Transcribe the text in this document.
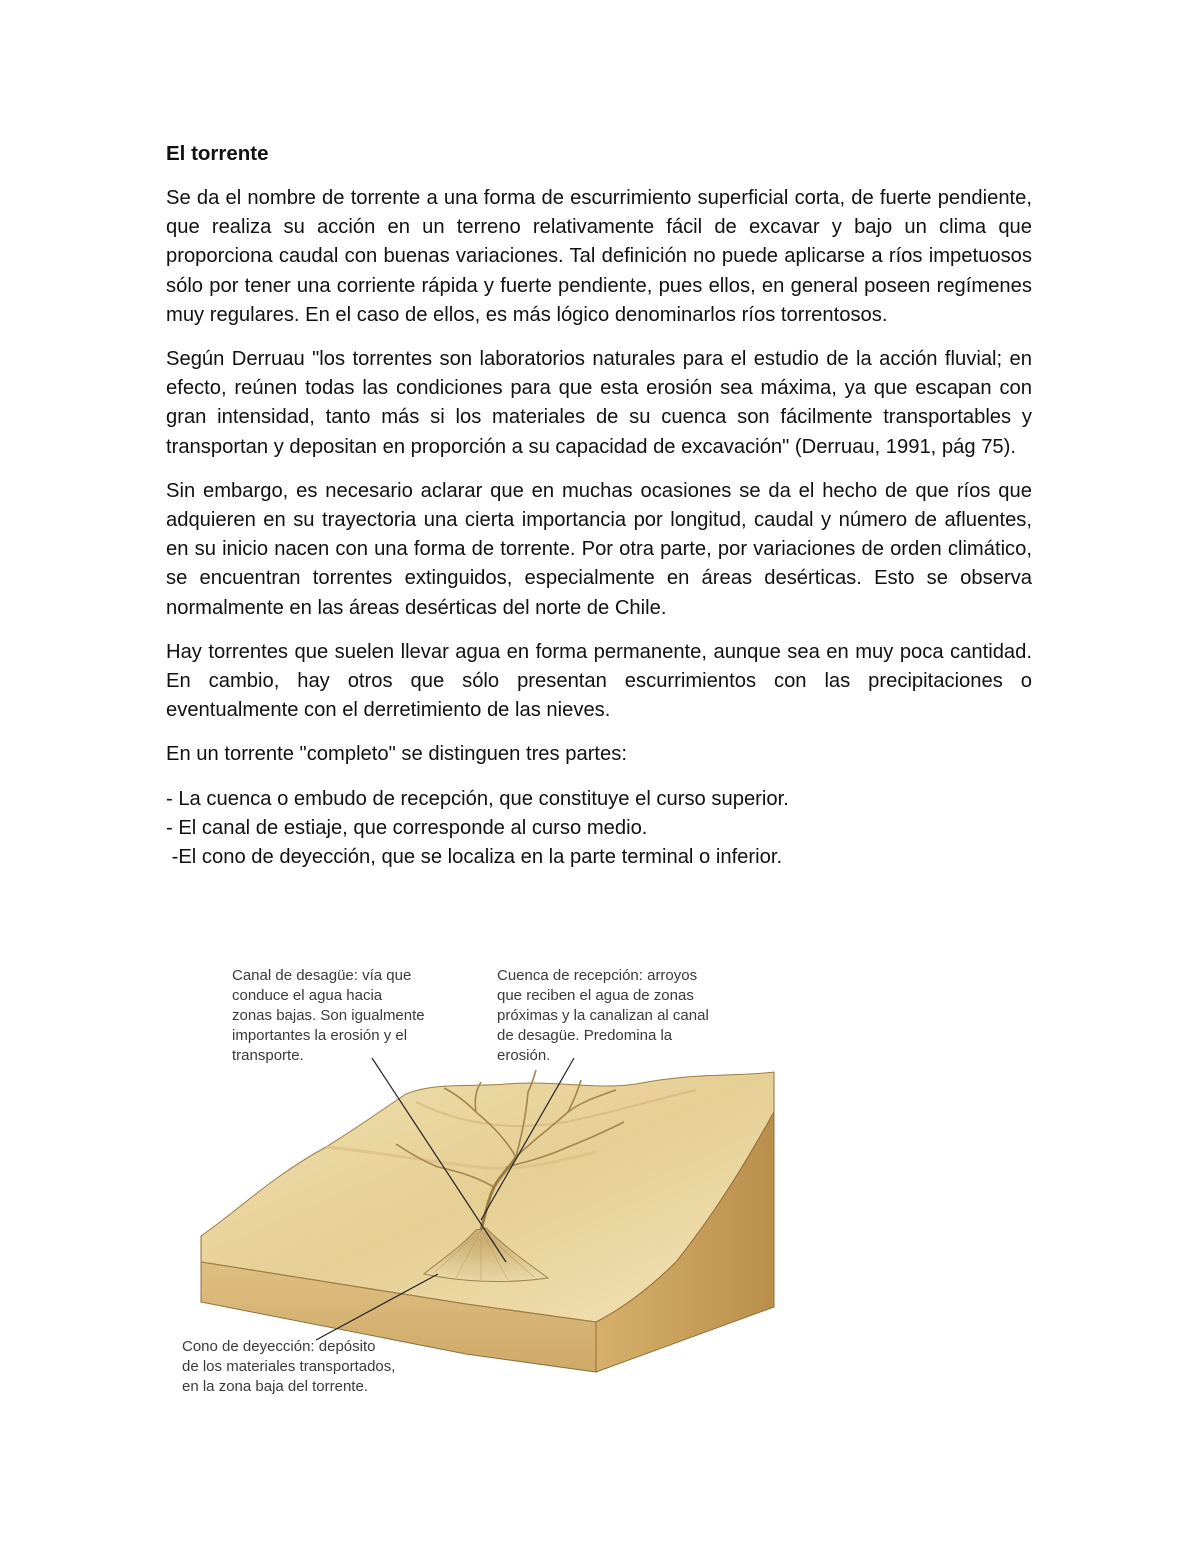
El torrente

Se da el nombre de torrente a una forma de escurrimiento superficial corta, de fuerte pendiente, que realiza su acción en un terreno relativamente fácil de excavar y bajo un clima que proporciona caudal con buenas variaciones. Tal definición no puede aplicarse a ríos impetuosos sólo por tener una corriente rápida y fuerte pendiente, pues ellos, en general poseen regímenes muy regulares. En el caso de ellos, es más lógico denominarlos ríos torrentosos.

Según Derruau "los torrentes son laboratorios naturales para el estudio de la acción fluvial; en efecto, reúnen todas las condiciones para que esta erosión sea máxima, ya que escapan con gran intensidad, tanto más si los materiales de su cuenca son fácilmente transportables y transportan y depositan en proporción a su capacidad de excavación" (Derruau, 1991, pág 75).

Sin embargo, es necesario aclarar que en muchas ocasiones se da el hecho de que ríos que adquieren en su trayectoria una cierta importancia por longitud, caudal y número de afluentes, en su inicio nacen con una forma de torrente. Por otra parte, por variaciones de orden climático, se encuentran torrentes extinguidos, especialmente en áreas desérticas. Esto se observa normalmente en las áreas desérticas del norte de Chile.

Hay torrentes que suelen llevar agua en forma permanente, aunque sea en muy poca cantidad. En cambio, hay otros que sólo presentan escurrimientos con las precipitaciones o eventualmente con el derretimiento de las nieves.

En un torrente "completo" se distinguen tres partes:

- La cuenca o embudo de recepción, que constituye el curso superior.
- El canal de estiaje, que corresponde al curso medio.
-El cono de deyección, que se localiza en la parte terminal o inferior.
Canal de desagüe: vía que
conduce el agua hacia
zonas bajas. Son igualmente
importantes la erosión y el
transporte.
Cuenca de recepción: arroyos
que reciben el agua de zonas
próximas y la canalizan al canal
de desagüe. Predomina la
erosión.
Cono de deyección: depósito
de los materiales transportados,
en la zona baja del torrente.
